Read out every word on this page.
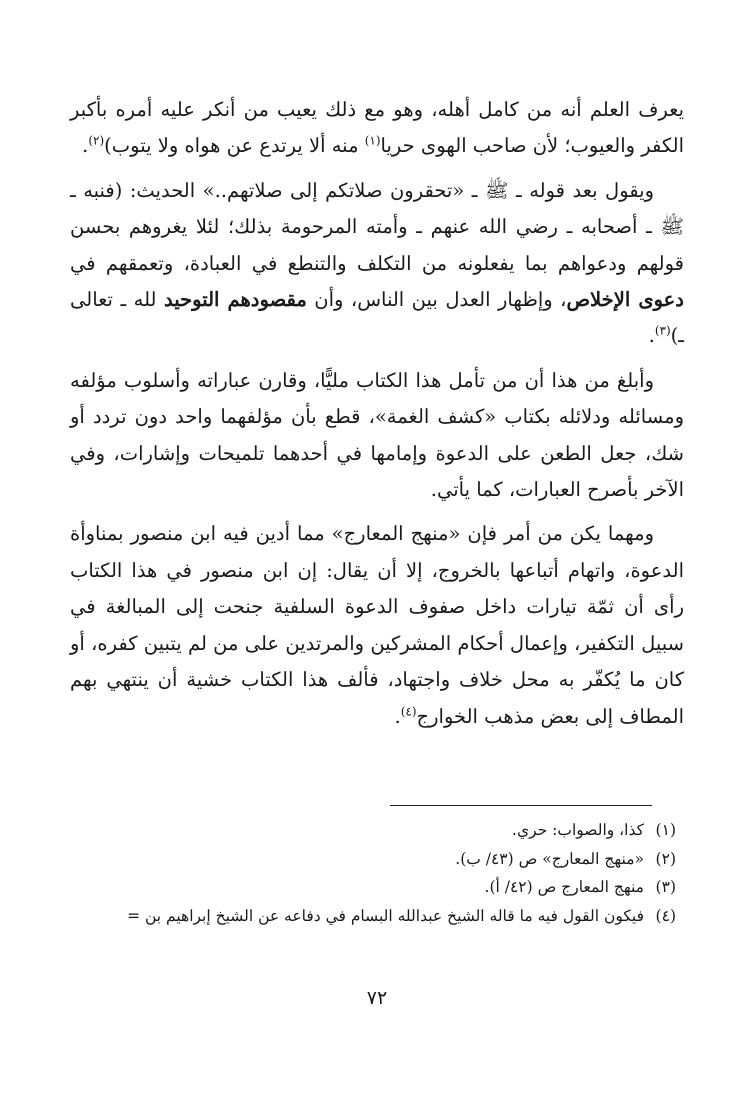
يعرف العلم أنه من كامل أهله، وهو مع ذلك يعيب من أنكر عليه أمره بأكبر الكفر والعيوب؛ لأن صاحب الهوى حريا$^{(١)}$ منه ألا يرتدع عن هواه ولا يتوب)$^{(٢)}$.

ويقول بعد قوله ـ ﷺ ـ «تحقرون صلاتكم إلى صلاتهم..» الحديث: (فنبه ـ ﷺ ـ أصحابه ـ رضي الله عنهم ـ وأمته المرحومة بذلك؛ لئلا يغروهم بحسن قولهم ودعواهم بما يفعلونه من التكلف والتنطع في العبادة، وتعمقهم في دعوى الإخلاص، وإظهار العدل بين الناس، وأن مقصودهم التوحيد لله ـ تعالى ـ)$^{(٣)}$.

وأبلغ من هذا أن من تأمل هذا الكتاب مليًّا، وقارن عباراته وأسلوب مؤلفه ومسائله ودلائله بكتاب «كشف الغمة»، قطع بأن مؤلفهما واحد دون تردد أو شك، جعل الطعن على الدعوة وإمامها في أحدهما تلميحات وإشارات، وفي الآخر بأصرح العبارات، كما يأتي.

ومهما يكن من أمر فإن «منهج المعارج» مما أدين فيه ابن منصور بمناوأة الدعوة، واتهام أتباعها بالخروج، إلا أن يقال: إن ابن منصور في هذا الكتاب رأى أن ثمّة تيارات داخل صفوف الدعوة السلفية جنحت إلى المبالغة في سبيل التكفير، وإعمال أحكام المشركين والمرتدين على من لم يتبين كفره، أو كان ما يُكفّر به محل خلاف واجتهاد، فألف هذا الكتاب خشية أن ينتهي بهم المطاف إلى بعض مذهب الخوارج$^{(٤)}$.

(١)
كذا، والصواب: حري.
(٢)
«منهج المعارج» ص (٤٣/ ب).
(٣)
منهج المعارج ص (٤٢/ أ).
(٤)
فيكون القول فيه ما قاله الشيخ عبدالله البسام في دفاعه عن الشيخ إبراهيم بن =
٧٢
